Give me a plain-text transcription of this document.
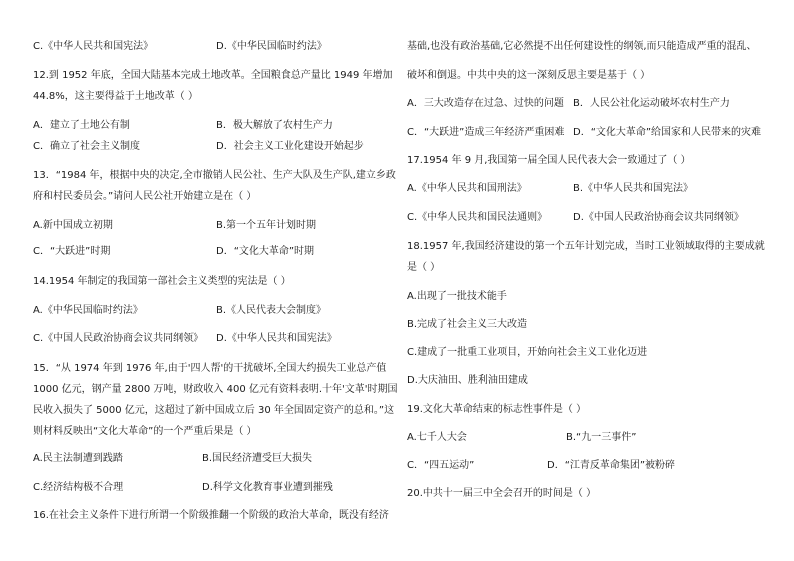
C.《中华人民共和国宪法》	D.《中华民国临时约法》
12.到 1952 年底，全国大陆基本完成土地改革。全国粮食总产量比 1949 年增加
44.8%，这主要得益于土地改革（ ）
A．建立了土地公有制	B．极大解放了农村生产力
C．确立了社会主义制度	D．社会主义工业化建设开始起步
13．“1984 年，根据中央的决定,全市撤销人民公社、生产大队及生产队,建立乡政
府和村民委员会。”请问人民公社开始建立是在（ ）
A.新中国成立初期	B.第一个五年计划时期
C．“大跃进”时期	D．“文化大革命”时期
14.1954 年制定的我国第一部社会主义类型的宪法是（ ）
A.《中华民国临时约法》	B.《人民代表大会制度》
C.《中国人民政治协商会议共同纲领》 D.《中华人民共和国宪法》
15．“从 1974 年到 1976 年,由于'四人帮'的干扰破坏,全国大约损失工业总产值
1000 亿元，钢产量 2800 万吨，财政收入 400 亿元有资料表明.十年'文革'时期国
民收入损失了 5000 亿元，这超过了新中国成立后 30 年全国固定资产的总和。”这
则材料反映出“文化大革命”的一个严重后果是（ ）
A.民主法制遭到践踏	B.国民经济遭受巨大损失
C.经济结构极不合理	D.科学文化教育事业遭到摧残
16.在社会主义条件下进行所谓一个阶级推翻一个阶级的政治大革命，既没有经济
基础,也没有政治基础,它必然提不出任何建设性的纲领,而只能造成严重的混乱、
破坏和倒退。中共中央的这一深刻反思主要是基于（ ）
A．三大改造存在过急、过快的问题 B．人民公社化运动破坏农村生产力
C．“大跃进”造成三年经济严重困难 D．“文化大革命”给国家和人民带来的灾难
17.1954 年 9 月,我国第一届全国人民代表大会一致通过了（ ）
A.《中华人民共和国刑法》	B.《中华人民共和国宪法》
C.《中华人民共和国民法通则》	D.《中国人民政治协商会议共同纲领》
18.1957 年,我国经济建设的第一个五年计划完成，当时工业领域取得的主要成就
是（ ）
A.出现了一批技术能手
B.完成了社会主义三大改造
C.建成了一批重工业项目，开始向社会主义工业化迈进
D.大庆油田、胜利油田建成
19.文化大革命结束的标志性事件是（ ）
A.七千人大会	B.“九一三事件”
C．“四五运动”	D．“江青反革命集团”被粉碎
20.中共十一届三中全会召开的时间是（ ）
